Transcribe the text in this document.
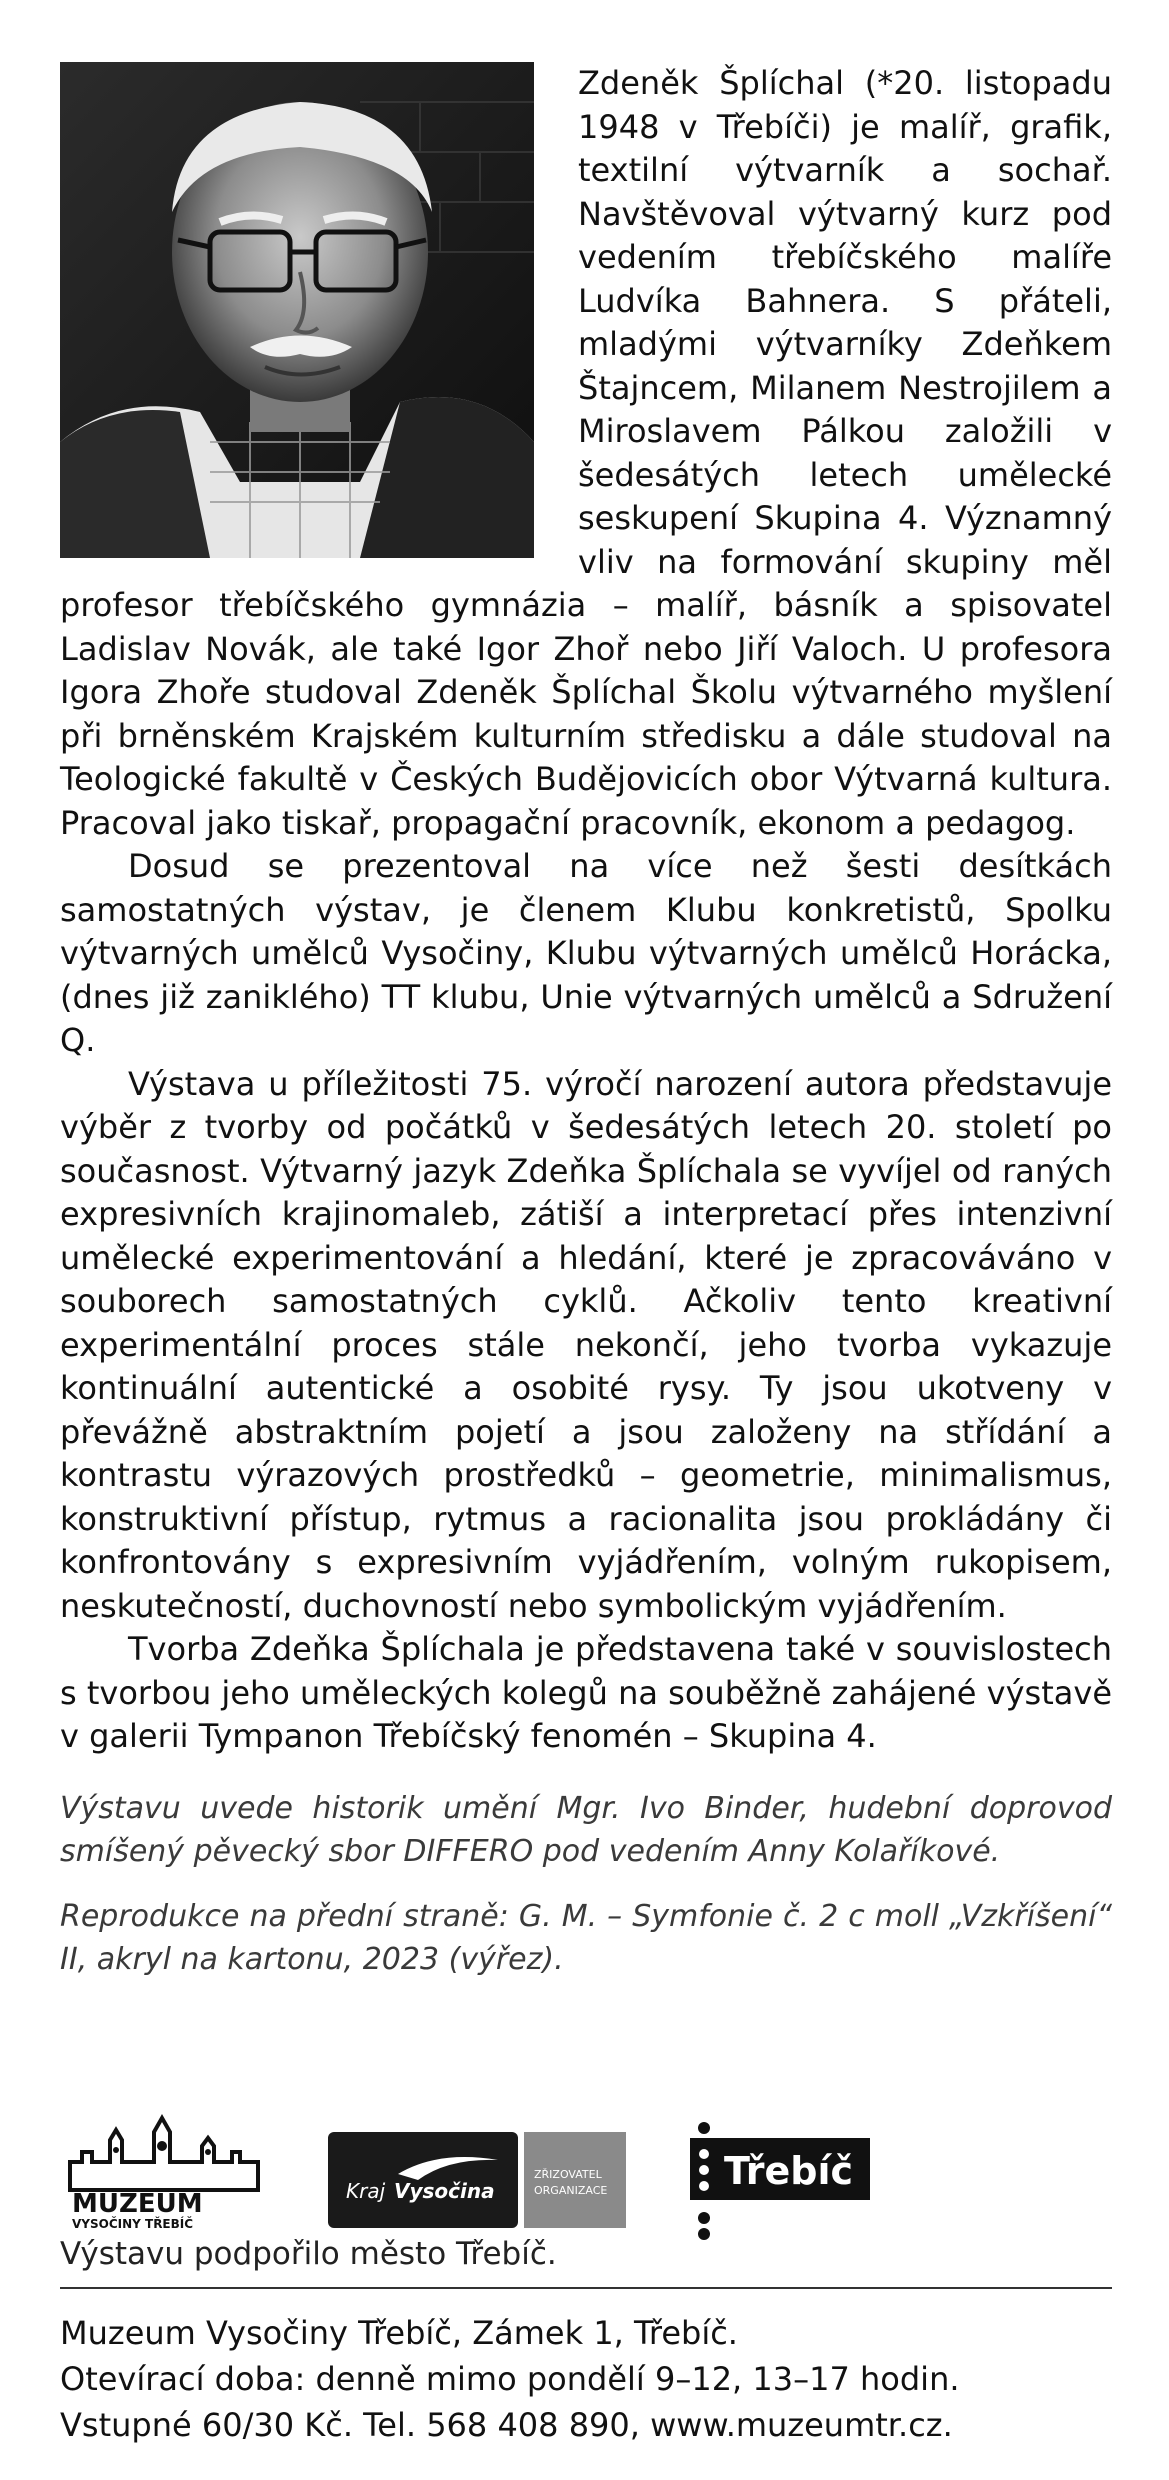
Zdeněk Šplíchal (*20. listopadu 1948 v Třebíči) je malíř, grafik, textilní výtvarník a sochař. Navštěvoval výtvarný kurz pod vedením třebíčského malíře Ludvíka Bahnera. S přáteli, mladými výtvarníky Zdeňkem Štajncem, Milanem Nestrojilem a Miroslavem Pálkou založili v šedesátých letech umělecké seskupení Skupina 4. Významný vliv na formování skupiny měl profesor třebíčského gymnázia – malíř, básník a spisovatel Ladislav Novák, ale také Igor Zhoř nebo Jiří Valoch. U profesora Igora Zhoře studoval Zdeněk Šplíchal Školu výtvarného myšlení při brněnském Krajském kulturním středisku a dále studoval na Teologické fakultě v Českých Budějovicích obor Výtvarná kultura. Pracoval jako tiskař, propagační pracovník, ekonom a pedagog.

Dosud se prezentoval na více než šesti desítkách samostatných výstav, je členem Klubu konkretistů, Spolku výtvarných umělců Vysočiny, Klubu výtvarných umělců Horácka, (dnes již zaniklého) TT klubu, Unie výtvarných umělců a Sdružení Q.

Výstava u příležitosti 75. výročí narození autora představuje výběr z tvorby od počátků v šedesátých letech 20. století po současnost. Výtvarný jazyk Zdeňka Šplíchala se vyvíjel od raných expresivních krajinomaleb, zátiší a interpretací přes intenzivní umělecké experimentování a hledání, které je zpracováváno v souborech samostatných cyklů. Ačkoliv tento kreativní experimentální proces stále nekončí, jeho tvorba vykazuje kontinuální autentické a osobité rysy. Ty jsou ukotveny v převážně abstraktním pojetí a jsou založeny na střídání a kontrastu výrazových prostředků – geometrie, minimalismus, konstruktivní přístup, rytmus a racionalita jsou prokládány či konfrontovány s expresivním vyjádřením, volným rukopisem, neskutečností, duchovností nebo symbolickým vyjádřením.

Tvorba Zdeňka Šplíchala je představena také v souvislostech s tvorbou jeho uměleckých kolegů na souběžně zahájené výstavě v galerii Tympanon Třebíčský fenomén – Skupina 4.

Výstavu uvede historik umění Mgr. Ivo Binder, hudební doprovod smíšený pěvecký sbor DIFFERO pod vedením Anny Kolaříkové.

Reprodukce na přední straně: G. M. – Symfonie č. 2 c moll „Vzkříšení“ II, akryl na kartonu, 2023 (výřez).

MUZEUM
VYSOČINY TŘEBÍČ
Kraj Vysočina
ZŘIZOVATEL
ORGANIZACE	Třebíč
Výstavu podpořilo město Třebíč.
Muzeum Vysočiny Třebíč, Zámek 1, Třebíč.
Otevírací doba: denně mimo pondělí 9–12, 13–17 hodin.
Vstupné 60/30 Kč. Tel. 568 408 890, www.muzeumtr.cz.
